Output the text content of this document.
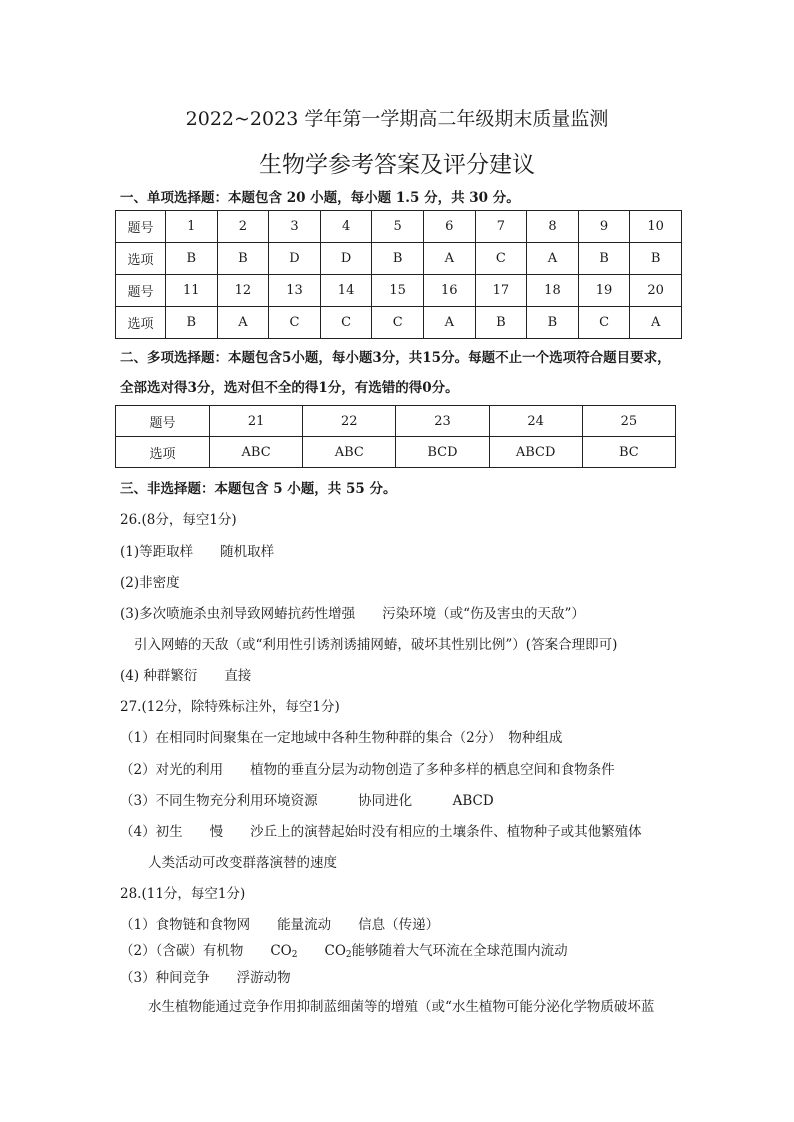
2022~2023 学年第一学期高二年级期末质量监测
生物学参考答案及评分建议
一、单项选择题：本题包含 20 小题，每小题 1.5 分，共 30 分。
题号	1	2	3	4	5	6	7	8	9	10
选项	B	B	D	D	B	A	C	A	B	B
题号	11	12	13	14	15	16	17	18	19	20
选项	B	A	C	C	C	A	B	B	C	A
二、多项选择题：本题包含5小题，每小题3分，共15分。每题不止一个选项符合题目要求，
全部选对得3分，选对但不全的得1分，有选错的得0分。
题号	21	22	23	24	25
选项	ABC	ABC	BCD	ABCD	BC
三、非选择题：本题包含 5 小题，共 55 分。
26.(8分，每空1分)
(1)等距取样　　随机取样
(2)非密度
(3)多次喷施杀虫剂导致网蝽抗药性增强　　污染环境（或“伤及害虫的天敌”）
引入网蝽的天敌（或“利用性引诱剂诱捕网蝽，破坏其性别比例”）(答案合理即可)
(4) 种群繁衍　　直接
27.(12分，除特殊标注外，每空1分)
（1）在相同时间聚集在一定地域中各种生物种群的集合（2分）　物种组成
（2）对光的利用　　植物的垂直分层为动物创造了多种多样的栖息空间和食物条件
（3）不同生物充分利用环境资源　　　协同进化　　　ABCD
（4）初生　　慢　　沙丘上的演替起始时没有相应的土壤条件、植物种子或其他繁殖体
人类活动可改变群落演替的速度
28.(11分，每空1分)
（1）食物链和食物网　　能量流动　　信息（传递）
（2）（含碳）有机物　　$CO_2$　　 $CO_2$能够随着大气环流在全球范围内流动
（3）种间竞争　　浮游动物
水生植物能通过竞争作用抑制蓝细菌等的增殖（或“水生植物可能分泌化学物质破坏蓝
